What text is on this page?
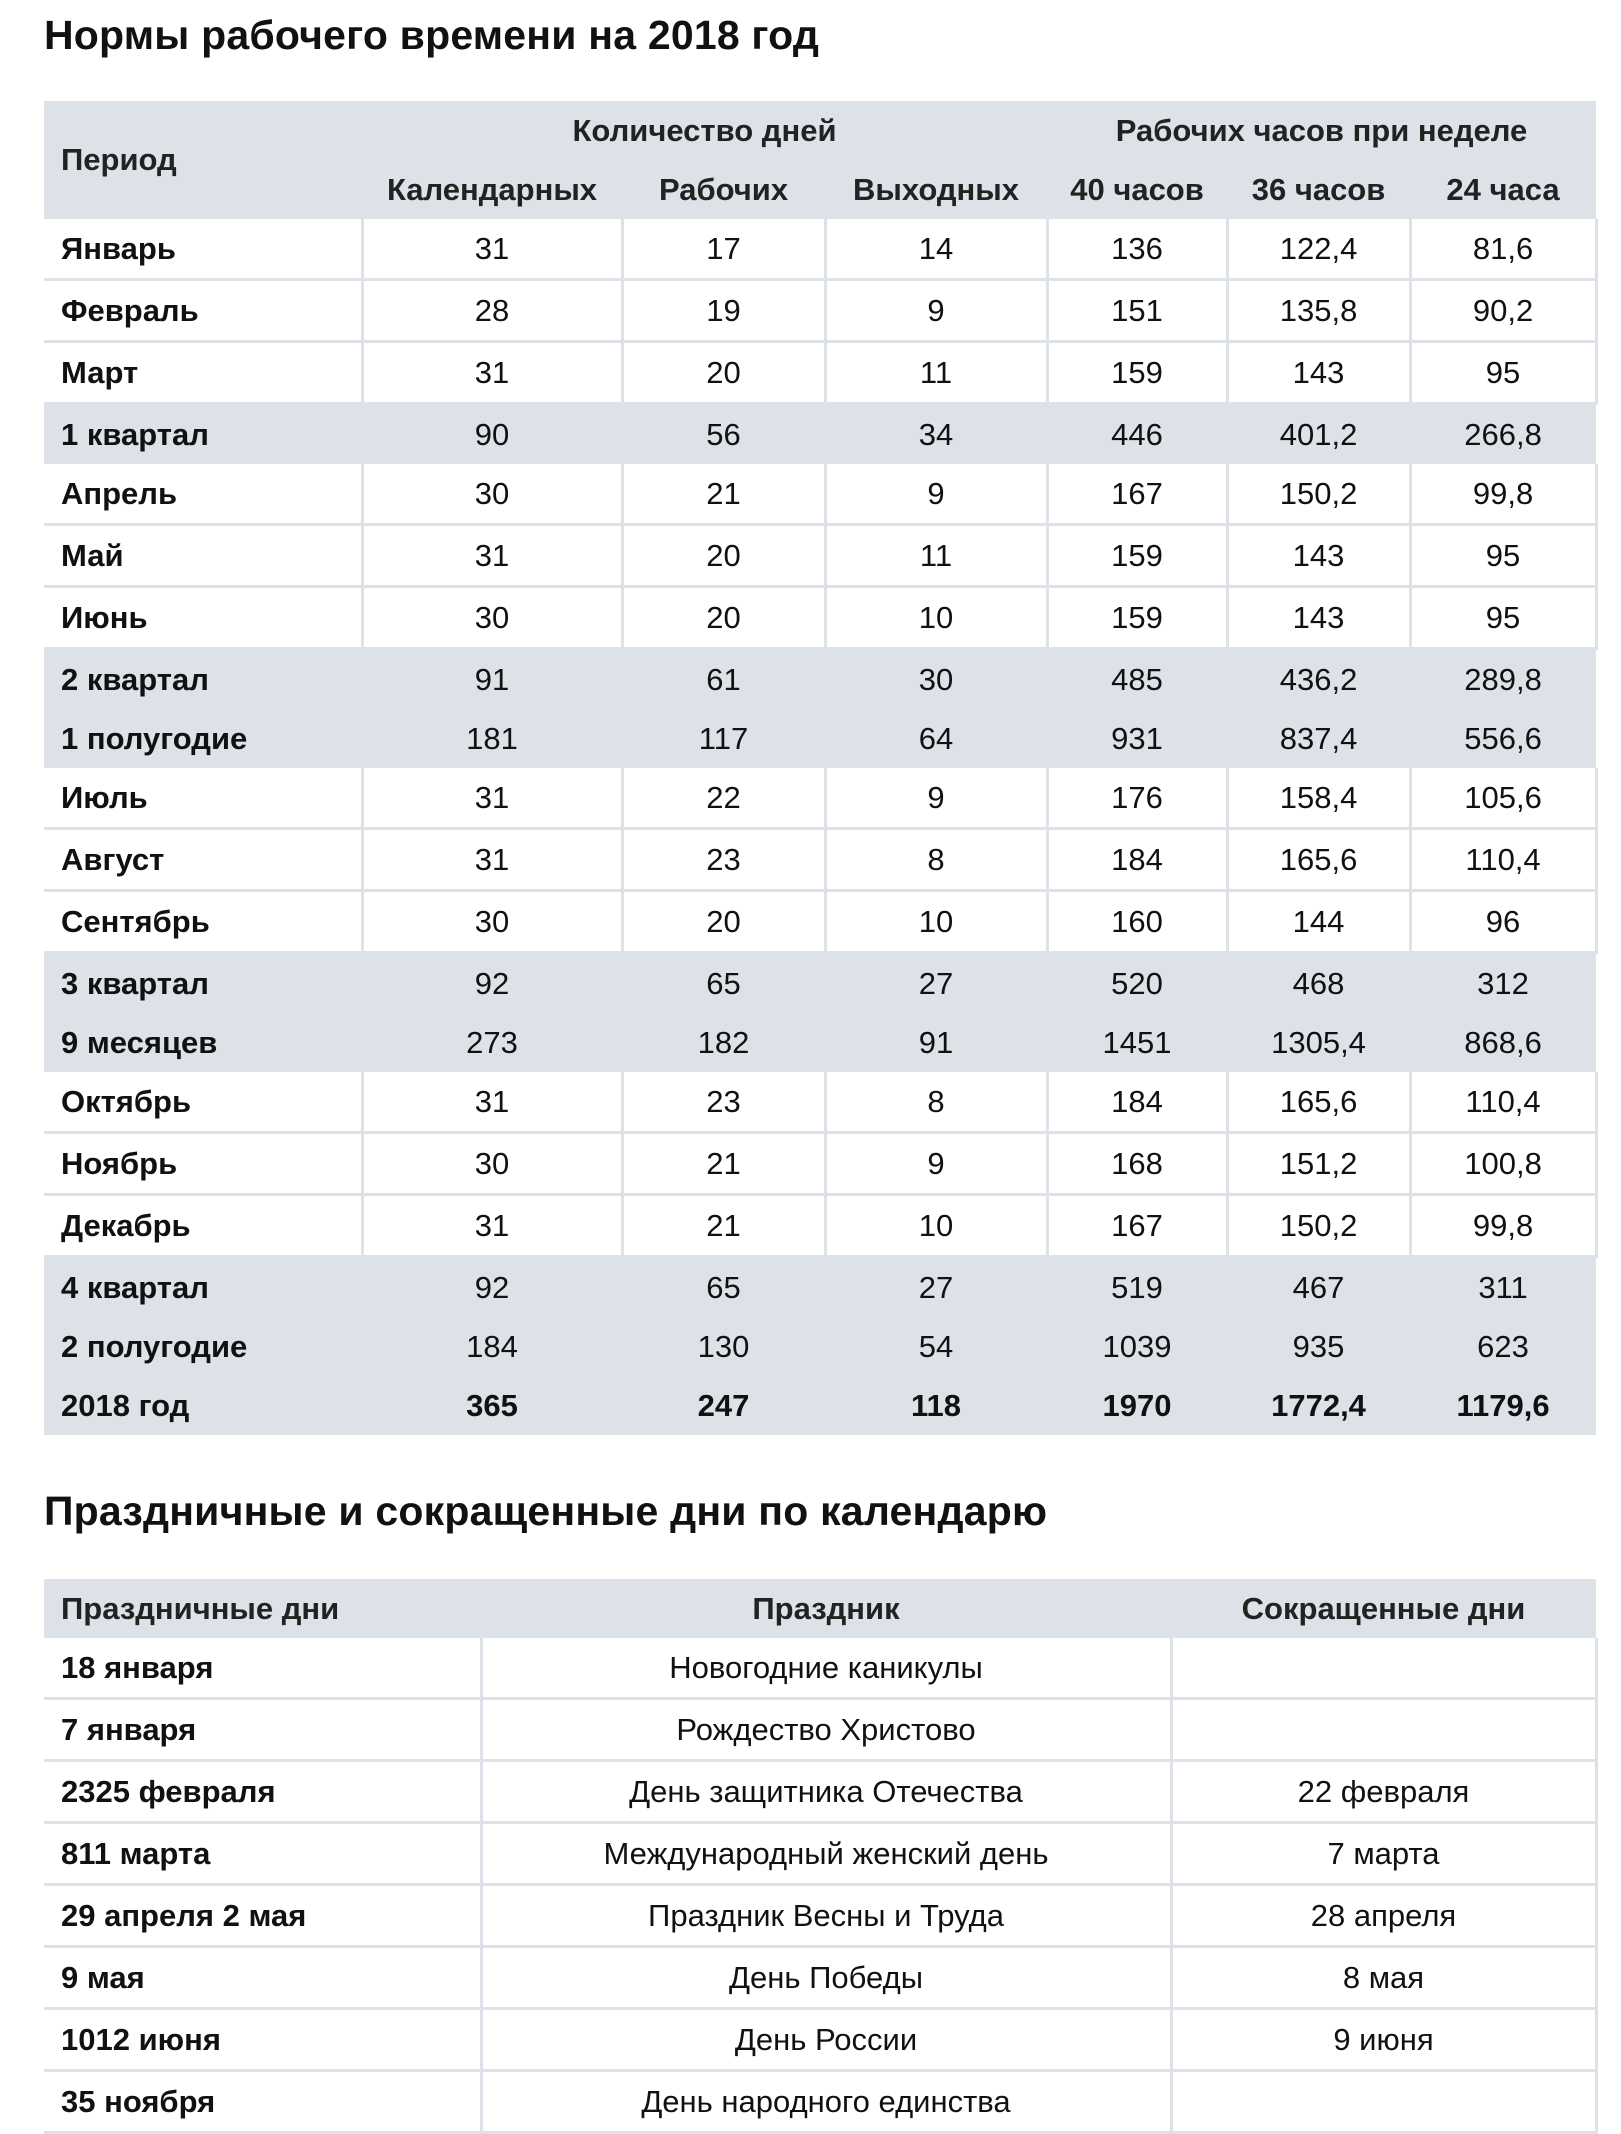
Нормы рабочего времени на 2018 год
Период	Количество дней			Рабочих часов при неделе		
	Календарных	Рабочих	Выходных	40 часов	36 часов	24 часа
Январь	31	17	14	136	122,4	81,6
Февраль	28	19	9	151	135,8	90,2
Март	31	20	11	159	143	95
1 квартал	90	56	34	446	401,2	266,8
Апрель	30	21	9	167	150,2	99,8
Май	31	20	11	159	143	95
Июнь	30	20	10	159	143	95
2 квартал	91	61	30	485	436,2	289,8
1 полугодие	181	117	64	931	837,4	556,6
Июль	31	22	9	176	158,4	105,6
Август	31	23	8	184	165,6	110,4
Сентябрь	30	20	10	160	144	96
3 квартал	92	65	27	520	468	312
9 месяцев	273	182	91	1451	1305,4	868,6
Октябрь	31	23	8	184	165,6	110,4
Ноябрь	30	21	9	168	151,2	100,8
Декабрь	31	21	10	167	150,2	99,8
4 квартал	92	65	27	519	467	311
2 полугодие	184	130	54	1039	935	623
2018 год	365	247	118	1970	1772,4	1179,6
Праздничные и сокращенные дни по календарю
Праздничные дни	Праздник	Сокращенные дни
18 января	Новогодние каникулы	
7 января	Рождество Христово	
2325 февраля	День защитника Отечества	22 февраля
811 марта	Международный женский день	7 марта
29 апреля 2 мая	Праздник Весны и Труда	28 апреля
9 мая	День Победы	8 мая
1012 июня	День России	9 июня
35 ноября	День народного единства	
